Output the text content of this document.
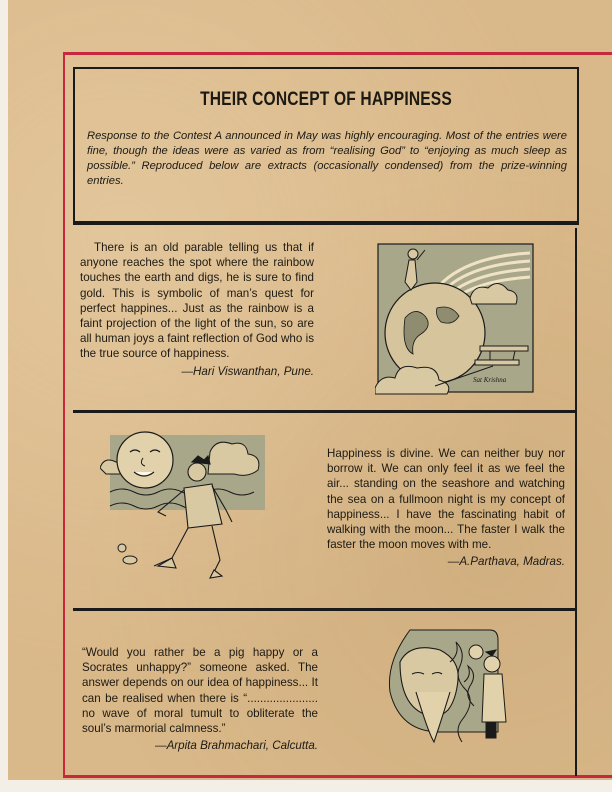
THEIR CONCEPT OF HAPPINESS
Response to the Contest A announced in May was highly encouraging. Most of the entries were fine, though the ideas were as varied as from “realising God” to “enjoying as much sleep as possible.” Reproduced below are extracts (occasionally condensed) from the prize-winning entries.

There is an old parable telling us that if anyone reaches the spot where the rainbow touches the earth and digs, he is sure to find gold. This is symbolic of man’s quest for perfect happines... Just as the rainbow is a faint projection of the light of the sun, so are all human joys a faint reflection of God who is the true source of happiness.

—Hari Viswanthan, Pune.
Sat Krishna

Happiness is divine. We can neither buy nor borrow it. We can only feel it as we feel the air... standing on the seashore and watching the sea on a fullmoon night is my concept of happiness... I have the fascinating habit of walking with the moon... The faster I walk the faster the moon moves with me.

—A.Parthava, Madras.

“Would you rather be a pig happy or a Socrates unhappy?” someone asked. The answer depends on our idea of happiness... It can be realised when there is “...................... no wave of moral tumult to obliterate the soul’s marmorial calmness.”

—Arpita Brahmachari, Calcutta.
